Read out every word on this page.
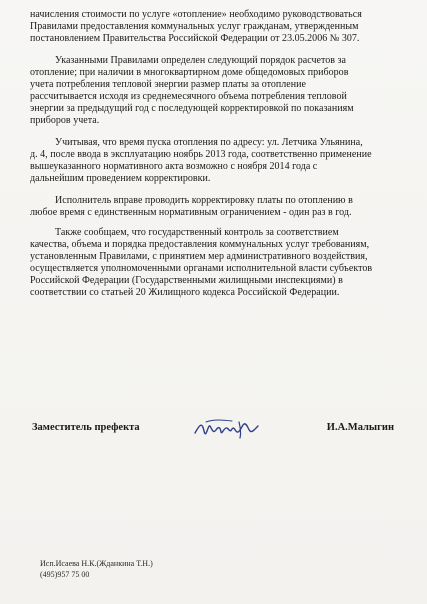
начисления стоимости по услуге «отопление» необходимо руководствоваться
Правилами предоставления коммунальных услуг гражданам, утвержденным
постановлением Правительства Российской Федерации от 23.05.2006 № 307.
Указанными Правилами определен следующий порядок расчетов за
отопление; при наличии в многоквартирном доме общедомовых приборов
учета потребления тепловой энергии размер платы за отопление
рассчитывается исходя из среднемесячного объема потребления тепловой
энергии за предыдущий год с последующей корректировкой по показаниям
приборов учета.
Учитывая, что время пуска отопления по адресу: ул. Летчика Ульянина,
д. 4, после ввода в эксплуатацию ноябрь 2013 года, соответственно применение
вышеуказанного нормативного акта возможно с ноября 2014 года с
дальнейшим проведением корректировки.
Исполнитель вправе проводить корректировку платы по отоплению в
любое время с единственным нормативным ограничением - один раз в год.
Также сообщаем, что государственный контроль за соответствием
качества, объема и порядка предоставления коммунальных услуг требованиям,
установленным Правилами, с принятием мер административного воздействия,
осуществляется уполномоченными органами исполнительной власти субъектов
Российской Федерации (Государственными жилищными инспекциями) в
соответствии со статьей 20 Жилищного кодекса Российской Федерации.
Заместитель префекта	И.А.Малыгин
Исп.Исаева Н.К.(Жданкина Т.Н.)
(495)957 75 00
